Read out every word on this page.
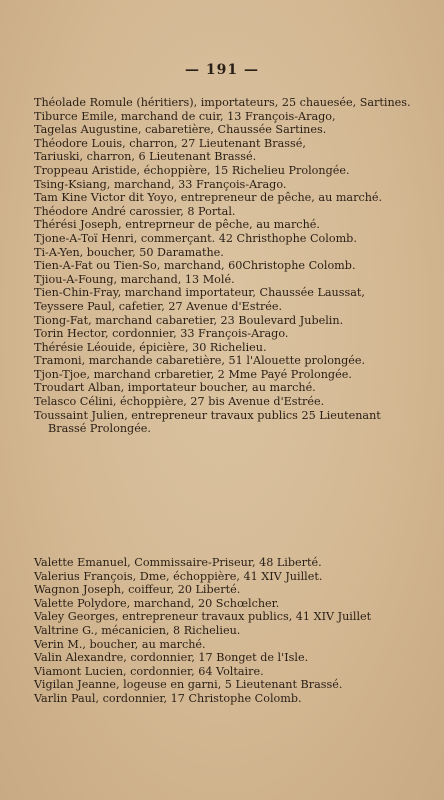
— 191 —
Théolade Romule (héritiers), importateurs, 25 chauesée, Sartines.
Tiburce Emile, marchand de cuir, 13 François-Arago,
Tagelas Augustine, cabaretière, Chaussée Sartines.
Théodore Louis, charron, 27 Lieutenant Brassé,
Tariuski, charron, 6 Lieutenant Brassé.
Troppeau Aristide, échoppière, 15 Richelieu Prolongée.
Tsing-Ksiang, marchand, 33 François-Arago.
Tam Kine Victor dit Yoyo, entrepreneur de pêche, au marché.
Théodore André carossier, 8 Portal.
Thérési Joseph, entreprneur de pêche, au marché.
Tjone-A-Toï Henri, commerçant. 42 Christhophe Colomb.
Ti-A-Yen, boucher, 50 Daramathe.
Tien-A-Fat ou Tien-So, marchand, 60Christophe Colomb.
Tjiou-A-Foung, marchand, 13 Molé.
Tien-Chin-Fray, marchand importateur, Chaussée Laussat,
Teyssere Paul, cafetier, 27 Avenue d'Estrée.
Tiong-Fat, marchand cabaretier, 23 Boulevard Jubelin.
Torin Hector, cordonnier, 33 François-Arago.
Thérésie Léouide, épicière, 30 Richelieu.
Tramoni, marchande cabaretière, 51 l'Alouette prolongée.
Tjon-Tjoe, marchand crbaretier, 2 Mme Payé Prolongée.
Troudart Alban, importateur boucher, au marché.
Telasco Célini, échoppière, 27 bis Avenue d'Estrée.
Toussaint Julien, entrepreneur travaux publics 25 Lieutenant Brassé Prolongée.
Valette Emanuel, Commissaire-Priseur, 48 Liberté.
Valerius François, Dme, échoppière, 41 XIV Juillet.
Wagnon Joseph, coiffeur, 20 Liberté.
Valette Polydore, marchand, 20 Schœlcher.
Valey Georges, entrepreneur travaux publics, 41 XIV Juillet
Valtrine G., mécanicien, 8 Richelieu.
Verin M., boucher, au marché.
Valin Alexandre, cordonnier, 17 Bonget de l'Isle.
Viamont Lucien, cordonnier, 64 Voltaire.
Vigilan Jeanne, logeuse en garni, 5 Lieutenant Brassé.
Varlin Paul, cordonnier, 17 Christophe Colomb.
